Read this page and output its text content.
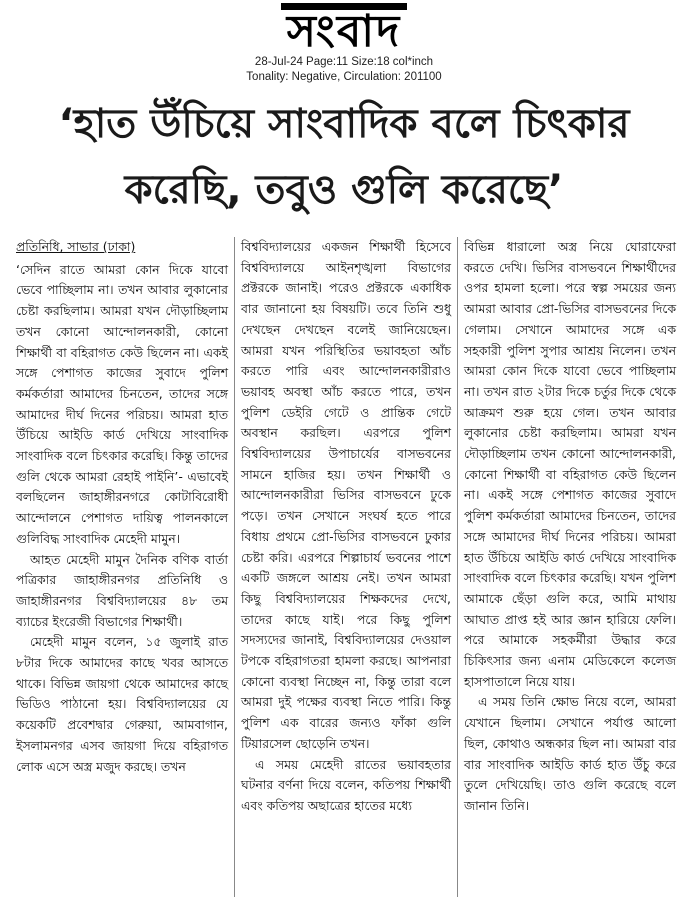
সংবাদ
28-Jul-24 Page:11 Size:18 col*inch
Tonality: Negative, Circulation: 201100
‘হাত উঁচিয়ে সাংবাদিক বলে চিৎকার
করেছি, তবুও গুলি করেছে’
প্রতিনিধি, সাভার (ঢাকা)
‘সেদিন রাতে আমরা কোন দিকে যাবো ভেবে পাচ্ছিলাম না। তখন আবার লুকানোর চেষ্টা করছিলাম। আমরা যখন দৌড়াচ্ছিলাম তখন কোনো আন্দোলনকারী, কোনো শিক্ষার্থী বা বহিরাগত কেউ ছিলেন না। একই সঙ্গে পেশাগত কাজের সুবাদে পুলিশ কর্মকর্তারা আমাদের চিনতেন, তাদের সঙ্গে আমাদের দীর্ঘ দিনের পরিচয়। আমরা হাত উঁচিয়ে আইডি কার্ড দেখিয়ে সাংবাদিক সাংবাদিক বলে চিৎকার করেছি। কিন্তু তাদের গুলি থেকে আমরা রেহাই পাইনি’- এভাবেই বলছিলেন জাহাঙ্গীরনগরে কোটাবিরোধী আন্দোলনে পেশাগত দায়িত্ব পালনকালে গুলিবিদ্ধ সাংবাদিক মেহেদী মামুন।
আহত মেহেদী মামুন দৈনিক বণিক বার্তা পত্রিকার জাহাঙ্গীরনগর প্রতিনিধি ও জাহাঙ্গীরনগর বিশ্ববিদ্যালয়ের ৪৮ তম ব্যাচের ইংরেজী বিভাগের শিক্ষার্থী।
মেহেদী মামুন বলেন, ১৫ জুলাই রাত ৮টার দিকে আমাদের কাছে খবর আসতে থাকে। বিভিন্ন জায়গা থেকে আমাদের কাছে ভিডিও পাঠানো হয়। বিশ্ববিদ্যালয়ের যে কয়েকটি প্রবেশদ্বার গেরুয়া, আমবাগান, ইসলামনগর এসব জায়গা দিয়ে বহিরাগত লোক এসে অস্ত্র মজুদ করছে। তখন
বিশ্ববিদ্যালয়ের একজন শিক্ষার্থী হিসেবে বিশ্ববিদ্যালয়ে আইনশৃঙ্খলা বিভাগের প্রক্টরকে জানাই। পরেও প্রক্টরকে একাধিক বার জানানো হয় বিষয়টি। তবে তিনি শুধু দেখছেন দেখছেন বলেই জানিয়েছেন। আমরা যখন পরিস্থিতির ভয়াবহতা আঁচ করতে পারি এবং আন্দোলনকারীরাও ভয়াবহ অবস্থা আঁচ করতে পারে, তখন পুলিশ ডেইরি গেটে ও প্রান্তিক গেটে অবস্থান করছিল। এরপরে পুলিশ বিশ্ববিদ্যালয়ের উপাচার্যের বাসভবনের সামনে হাজির হয়। তখন শিক্ষার্থী ও আন্দোলনকারীরা ভিসির বাসভবনে ঢুকে পড়ে। তখন সেখানে সংঘর্ষ হতে পারে বিধায় প্রথমে প্রো-ভিসির বাসভবনে ঢুকার চেষ্টা করি। এরপরে শিল্পাচার্য ভবনের পাশে একটি জঙ্গলে আশ্রয় নেই। তখন আমরা কিছু বিশ্ববিদ্যালয়ের শিক্ষকদের দেখে, তাদের কাছে যাই। পরে কিছু পুলিশ সদস্যদের জানাই, বিশ্ববিদ্যালয়ের দেওয়াল টপকে বহিরাগতরা হামলা করছে। আপনারা কোনো ব্যবস্থা নিচ্ছেন না, কিন্তু তারা বলে আমরা দুই পক্ষের ব্যবস্থা নিতে পারি। কিন্তু পুলিশ এক বারের জন্যও ফাঁকা গুলি টিয়ারসেল ছোড়েনি তখন।
এ সময় মেহেদী রাতের ভয়াবহতার ঘটনার বর্ণনা দিয়ে বলেন, কতিপয় শিক্ষার্থী এবং কতিপয় অছাত্রের হাতের মধ্যে
বিভিন্ন ধারালো অস্ত্র নিয়ে ঘোরাফেরা করতে দেখি। ভিসির বাসভবনে শিক্ষার্থীদের ওপর হামলা হলো। পরে স্বল্প সময়ের জন্য আমরা আবার প্রো-ভিসির বাসভবনের দিকে গেলাম। সেখানে আমাদের সঙ্গে এক সহকারী পুলিশ সুপার আশ্রয় নিলেন। তখন আমরা কোন দিকে যাবো ভেবে পাচ্ছিলাম না। তখন রাত ২টার দিকে চর্তুর দিকে থেকে আক্রমণ শুরু হয়ে গেল। তখন আবার লুকানোর চেষ্টা করছিলাম। আমরা যখন দৌড়াচ্ছিলাম তখন কোনো আন্দোলনকারী, কোনো শিক্ষার্থী বা বহিরাগত কেউ ছিলেন না। একই সঙ্গে পেশাগত কাজের সুবাদে পুলিশ কর্মকর্তারা আমাদের চিনতেন, তাদের সঙ্গে আমাদের দীর্ঘ দিনের পরিচয়। আমরা হাত উঁচিয়ে আইডি কার্ড দেখিয়ে সাংবাদিক সাংবাদিক বলে চিৎকার করেছি। যখন পুলিশ আমাকে ছেঁড়া গুলি করে, আমি মাথায় আঘাত প্রাপ্ত হই আর জ্ঞান হারিয়ে ফেলি।পরে আমাকে সহকর্মীরা উদ্ধার করে চিকিৎসার জন্য এনাম মেডিকেলে কলেজ হাসপাতালে নিয়ে যায়।
এ সময় তিনি ক্ষোভ নিয়ে বলে, আমরা যেখানে ছিলাম। সেখানে পর্যাপ্ত আলো ছিল, কোথাও অন্ধকার ছিল না। আমরা বার বার সাংবাদিক আইডি কার্ড হাত উঁচু করে তুলে দেখিয়েছি। তাও গুলি করেছে বলে জানান তিনি।
